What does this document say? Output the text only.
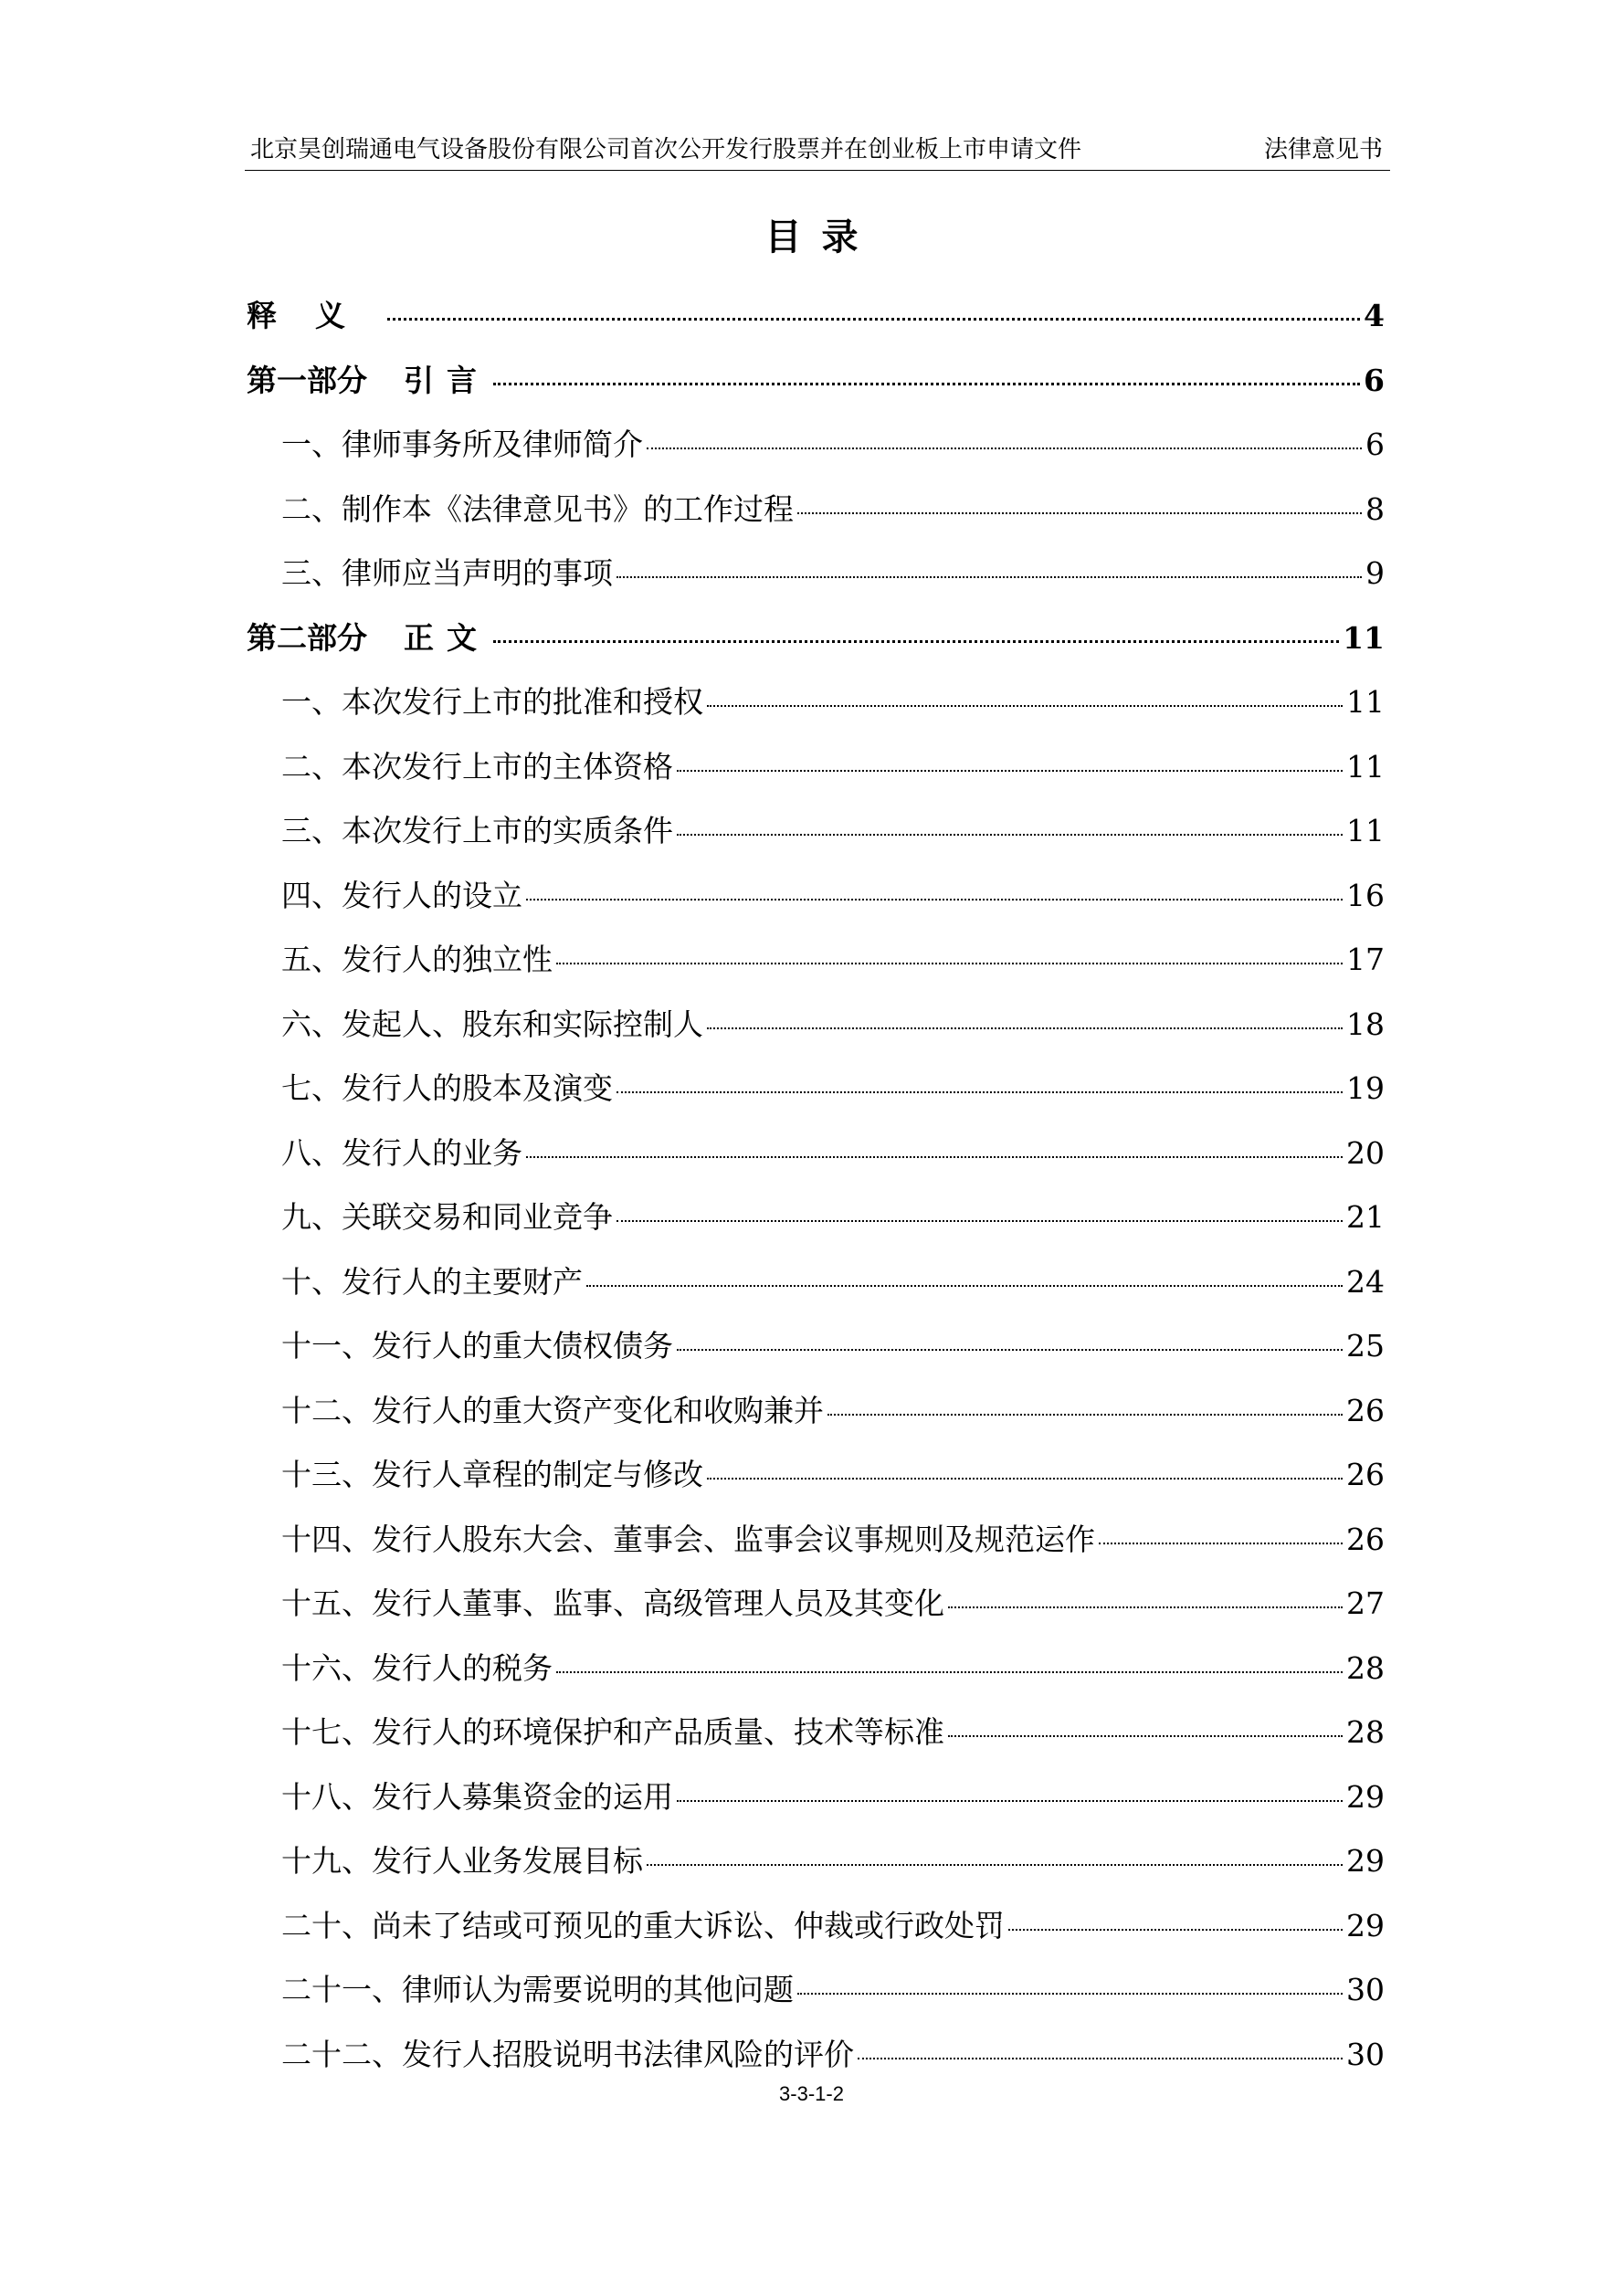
北京昊创瑞通电气设备股份有限公司首次公开发行股票并在创业板上市申请文件	法律意见书
目录
释义	4
第一部分 引言	6
一、律师事务所及律师简介	6
二、制作本《法律意见书》的工作过程	8
三、律师应当声明的事项	9
第二部分 正文	11
一、本次发行上市的批准和授权	11
二、本次发行上市的主体资格	11
三、本次发行上市的实质条件	11
四、发行人的设立	16
五、发行人的独立性	17
六、发起人、股东和实际控制人	18
七、发行人的股本及演变	19
八、发行人的业务	20
九、关联交易和同业竞争	21
十、发行人的主要财产	24
十一、发行人的重大债权债务	25
十二、发行人的重大资产变化和收购兼并	26
十三、发行人章程的制定与修改	26
十四、发行人股东大会、董事会、监事会议事规则及规范运作	26
十五、发行人董事、监事、高级管理人员及其变化	27
十六、发行人的税务	28
十七、发行人的环境保护和产品质量、技术等标准	28
十八、发行人募集资金的运用	29
十九、发行人业务发展目标	29
二十、尚未了结或可预见的重大诉讼、仲裁或行政处罚	29
二十一、律师认为需要说明的其他问题	30
二十二、发行人招股说明书法律风险的评价	30
3-3-1-2
